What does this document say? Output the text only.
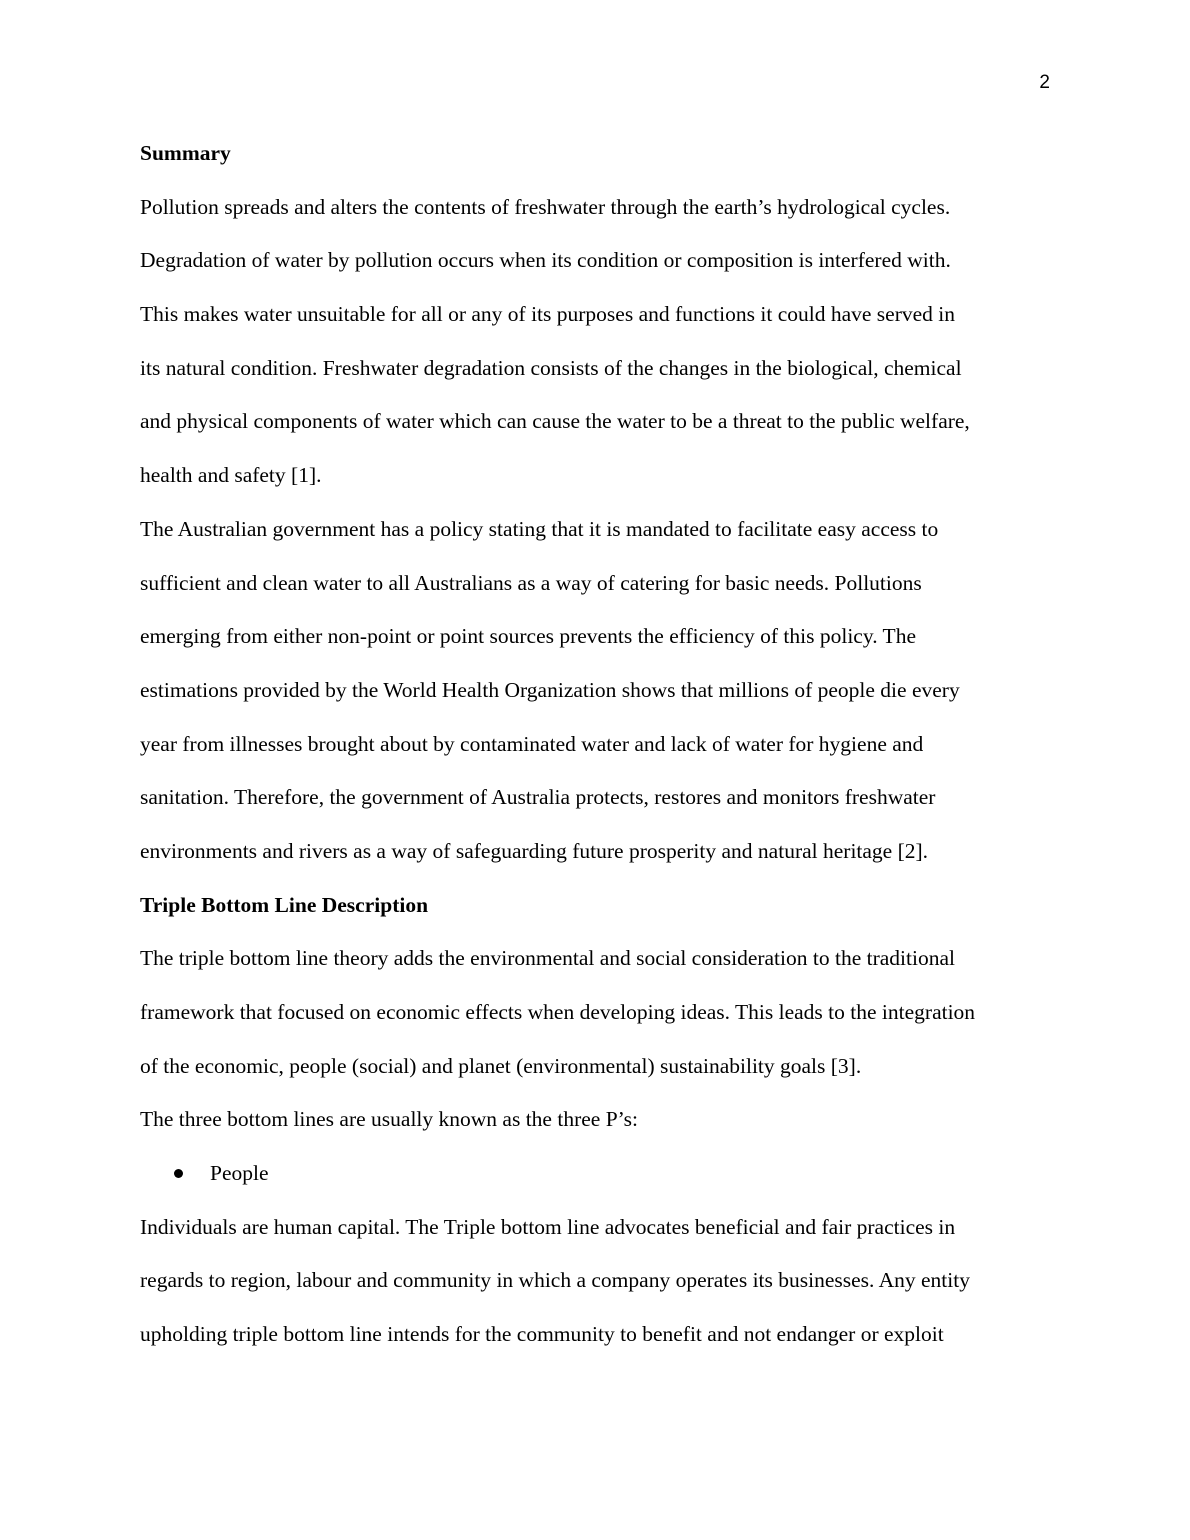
2
Summary
Pollution spreads and alters the contents of freshwater through the earth’s hydrological cycles.
Degradation of water by pollution occurs when its condition or composition is interfered with.
This makes water unsuitable for all or any of its purposes and functions it could have served in
its natural condition. Freshwater degradation consists of the changes in the biological, chemical
and physical components of water which can cause the water to be a threat to the public welfare,
health and safety [1].
The Australian government has a policy stating that it is mandated to facilitate easy access to
sufficient and clean water to all Australians as a way of catering for basic needs. Pollutions
emerging from either non-point or point sources prevents the efficiency of this policy. The
estimations provided by the World Health Organization shows that millions of people die every
year from illnesses brought about by contaminated water and lack of water for hygiene and
sanitation. Therefore, the government of Australia protects, restores and monitors freshwater
environments and rivers as a way of safeguarding future prosperity and natural heritage [2].
Triple Bottom Line Description
The triple bottom line theory adds the environmental and social consideration to the traditional
framework that focused on economic effects when developing ideas. This leads to the integration
of the economic, people (social) and planet (environmental) sustainability goals [3].
The three bottom lines are usually known as the three P’s:
People
Individuals are human capital. The Triple bottom line advocates beneficial and fair practices in
regards to region, labour and community in which a company operates its businesses. Any entity
upholding triple bottom line intends for the community to benefit and not endanger or exploit
